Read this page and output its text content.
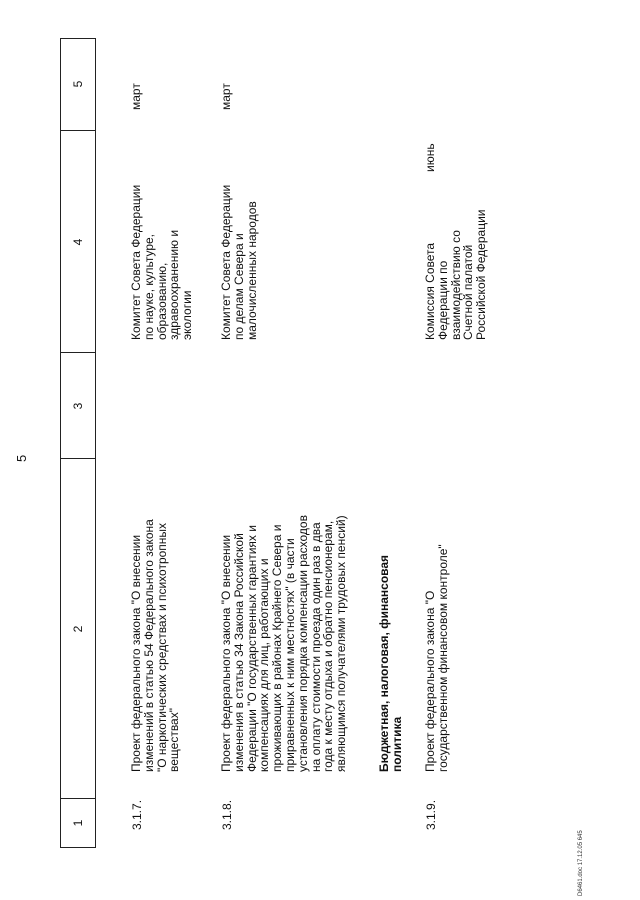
1
2
3
4
5
5
3.1.7.
Проект федерального закона "О внесении
изменений в статью 54 Федерального закона
"О наркотических средствах и психотропных
веществах"
Комитет Совета Федерации
по науке, культуре,
образованию,
здравоохранению и
экологии
март
3.1.8.
Проект федерального закона "О внесении
изменения в статью 34 Закона Российской
Федерации "О государственных гарантиях и
компенсациях для лиц, работающих и
проживающих в районах Крайнего Севера и
приравненных к ним местностях" (в части
установления порядка компенсации расходов
на оплату стоимости проезда один раз в два
года к месту отдыха и обратно пенсионерам,
являющимся получателями трудовых пенсий)
Комитет Совета Федерации
по делам Севера и
малочисленных народов
март
Бюджетная, налоговая, финансовая
политика
3.1.9.
Проект федерального закона "О
государственном финансовом контроле"
Комиссия Совета
Федерации по
взаимодействию со
Счетной палатой
Российской Федерации
июнь
D6461.doc 17.12.05 645
